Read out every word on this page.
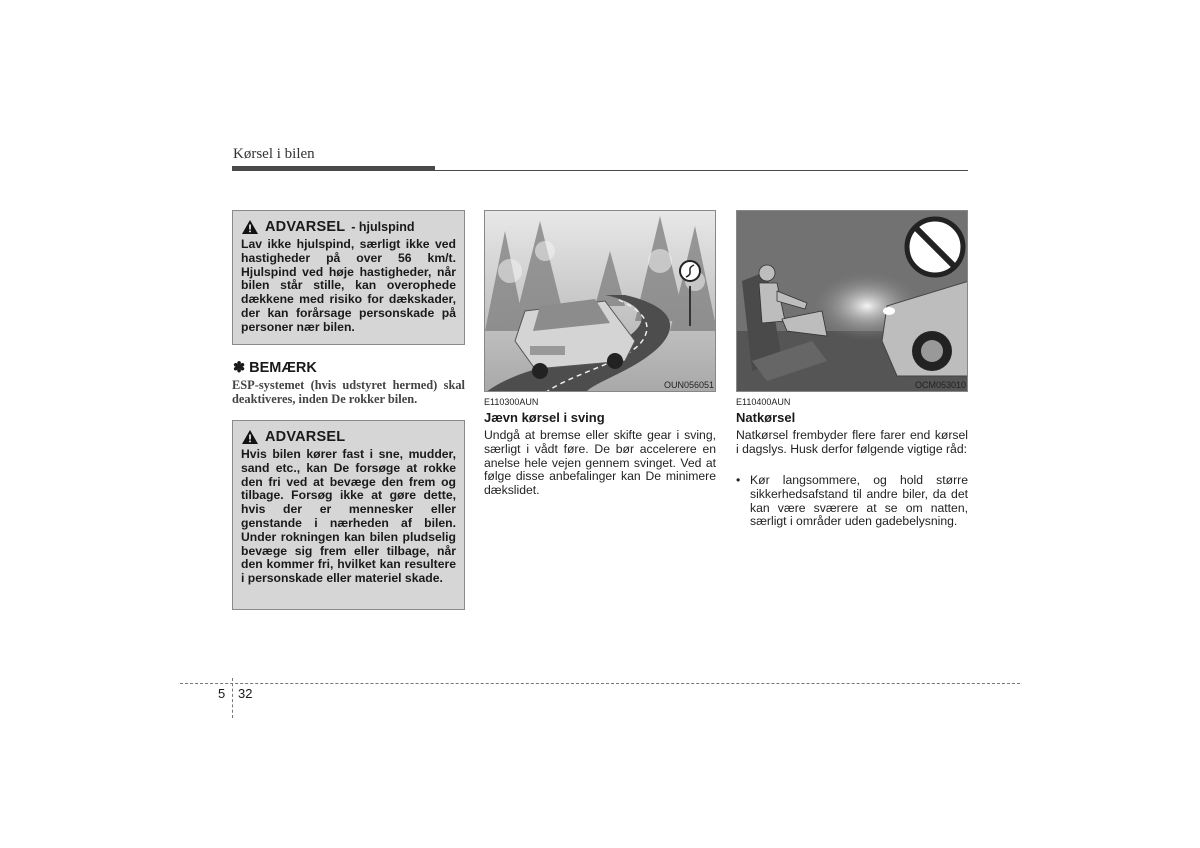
Kørsel i bilen
ADVARSEL - hjulspind
Lav ikke hjulspind, særligt ikke ved hastigheder på over 56 km/t. Hjulspind ved høje hastigheder, når bilen står stille, kan overophede dækkene med risiko for dækskader, der kan forårsage personskade på personer nær bilen.
✽ BEMÆRK
ESP-systemet (hvis udstyret hermed) skal deaktiveres, inden De rokker bilen.
ADVARSEL
Hvis bilen kører fast i sne, mudder, sand etc., kan De forsøge at rokke den fri ved at bevæge den frem og tilbage. Forsøg ikke at gøre dette, hvis der er mennesker eller genstande i nærheden af bilen. Under rokningen kan bilen pludselig bevæge sig frem eller tilbage, når den kommer fri, hvilket kan resultere i personskade eller materiel skade.
OUN056051
E110300AUN
Jævn kørsel i sving
Undgå at bremse eller skifte gear i sving, særligt i vådt føre. De bør accelerere en anelse hele vejen gennem svinget. Ved at følge disse anbefalinger kan De minimere dækslidet.
OCM053010
E110400AUN
Natkørsel
Natkørsel frembyder flere farer end kørsel i dagslys. Husk derfor følgende vigtige råd:
• Kør langsommere, og hold større sikkerhedsafstand til andre biler, da det kan være sværere at se om natten, særligt i områder uden gadebelysning.
5 32
